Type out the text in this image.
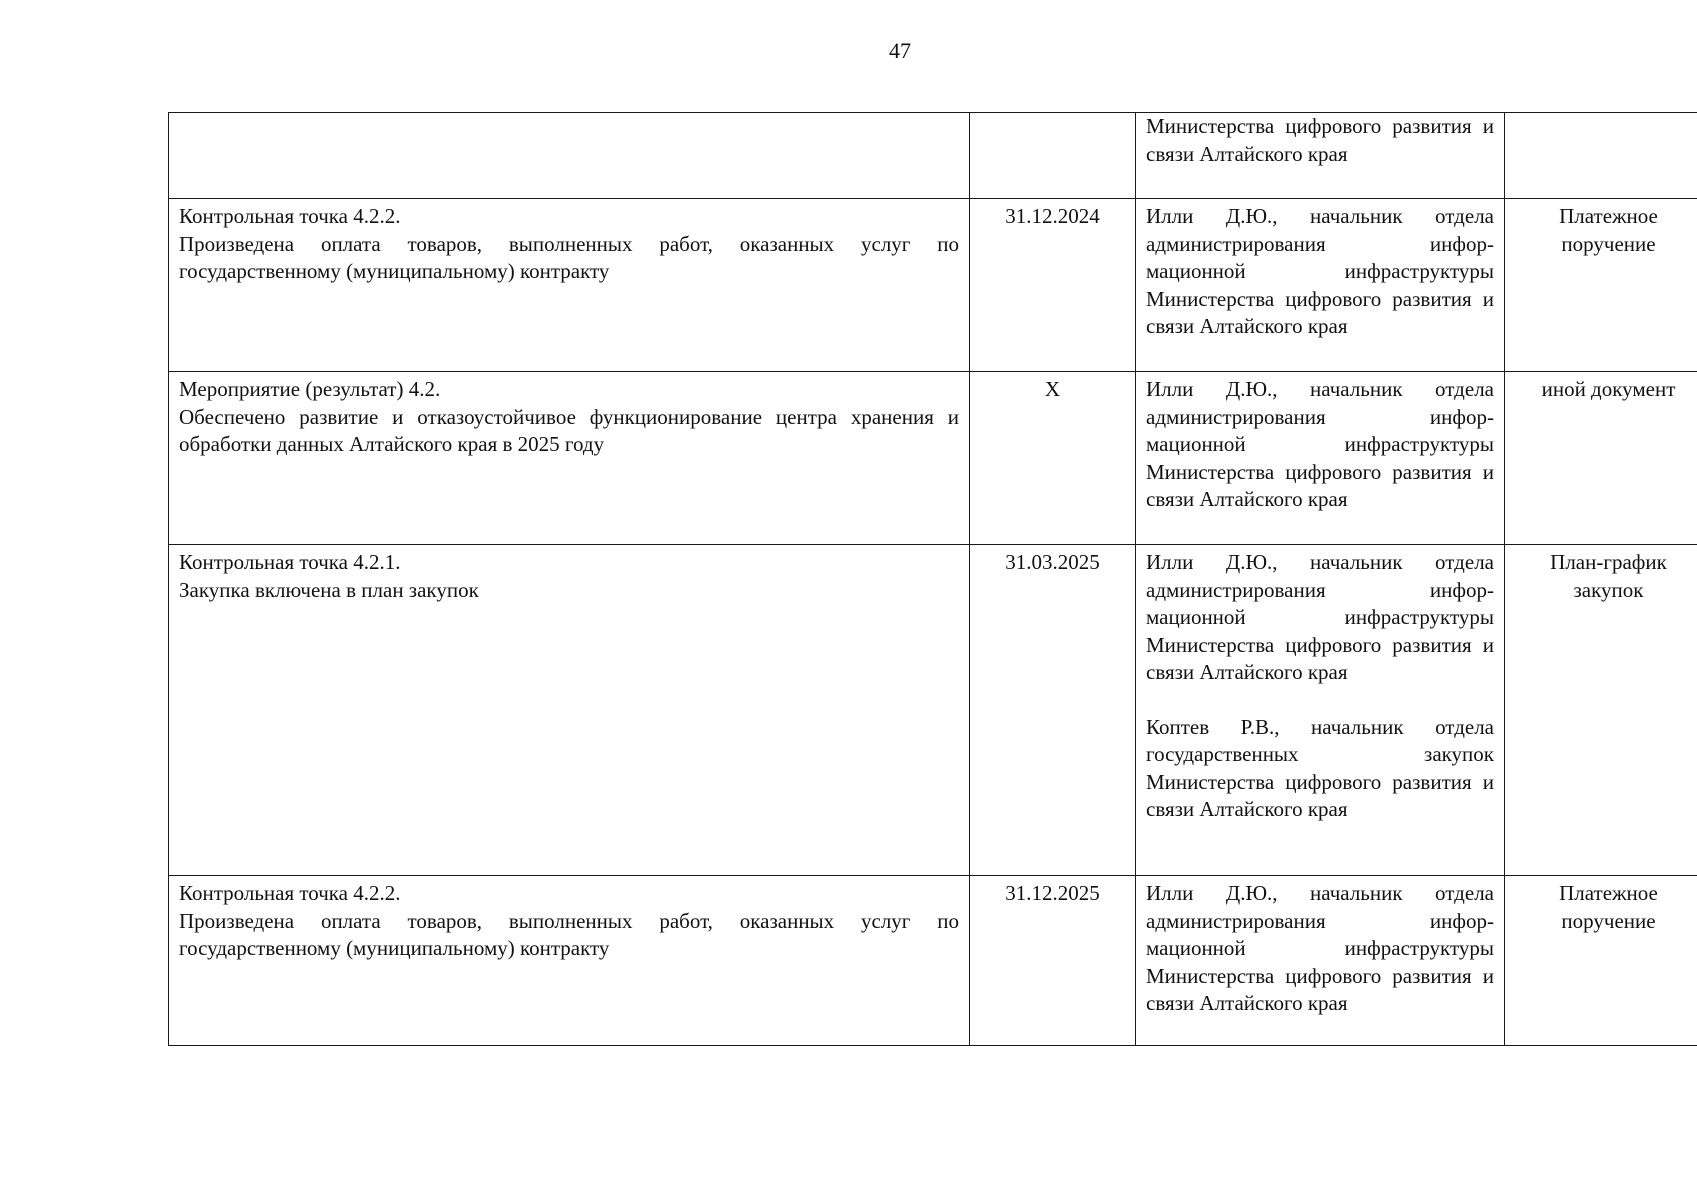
47

		Министерства цифрового развития и связи Алтайского края	

Контрольная точка 4.2.2.
Произведена оплата товаров, выполненных работ, оказанных услуг по государственному (муниципальному) контракту	31.12.2024	Илли Д.Ю., начальник отдела администрирования инфор-мационной инфраструктуры Министерства цифрового развития и связи Алтайского края	Платежное поручение

Мероприятие (результат) 4.2.
Обеспечено развитие и отказоустойчивое функционирование центра хранения и обработки данных Алтайского края в 2025 году	Х	Илли Д.Ю., начальник отдела администрирования инфор-мационной инфраструктуры Министерства цифрового развития и связи Алтайского края	иной документ

Контрольная точка 4.2.1.
Закупка включена в план закупок	31.03.2025	Илли Д.Ю., начальник отдела администрирования инфор-мационной инфраструктуры Министерства цифрового развития и связи Алтайского края
Коптев Р.В., начальник отдела государственных закупок Министерства цифрового развития и связи Алтайского края	План-график закупок

Контрольная точка 4.2.2.
Произведена оплата товаров, выполненных работ, оказанных услуг по государственному (муниципальному) контракту	31.12.2025	Илли Д.Ю., начальник отдела администрирования инфор-мационной инфраструктуры Министерства цифрового развития и связи Алтайского края	Платежное поручение
